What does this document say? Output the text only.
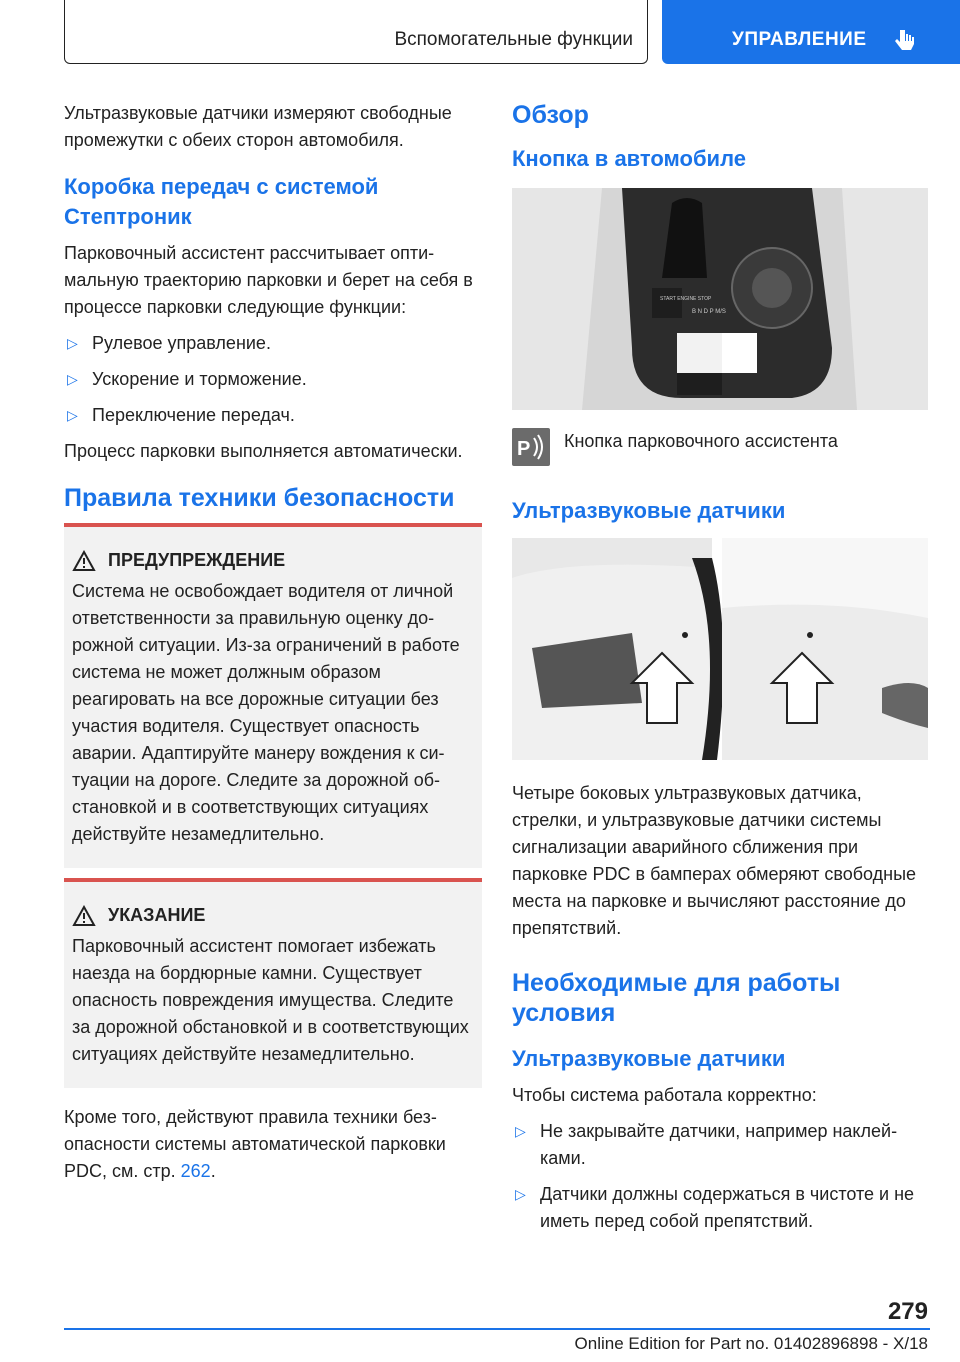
Вспомогательные функции	УПРАВЛЕНИЕ

Ультразвуковые датчики измеряют свободные промежутки с обеих сторон автомобиля.

Коробка передач с системой Стептроник

Парковочный ассистент рассчитывает оптимальную траекторию парковки и берет на себя в процессе парковки следующие функции:

▷ Рулевое управление.
▷ Ускорение и торможение.
▷ Переключение передач.

Процесс парковки выполняется автоматически.

Правила техники безопасности
ПРЕДУПРЕЖДЕНИЕ
Система не освобождает водителя от личной ответственности за правильную оценку дорожной ситуации. Из-за ограничений в работе система не может должным образом реагировать на все дорожные ситуации без участия водителя. Существует опасность аварии. Адаптируйте манеру вождения к ситуации на дороге. Следите за дорожной обстановкой и в соответствующих ситуациях действуйте незамедлительно.
УКАЗАНИЕ
Парковочный ассистент помогает избежать наезда на бордюрные камни. Существует опасность повреждения имущества. Следите за дорожной обстановкой и в соответствующих ситуациях действуйте незамедлительно.

Кроме того, действуют правила техники безопасности системы автоматической парковки PDC, см. стр. 262.

Обзор
Кнопка в автомобиле
START ENGINE STOP
B N D P M/S
P Кнопка парковочного ассистента
Ультразвуковые датчики

Четыре боковых ультразвуковых датчика, стрелки, и ультразвуковые датчики системы сигнализации аварийного сближения при парковке PDC в бамперах обмеряют свободные места на парковке и вычисляют расстояние до препятствий.

Необходимые для работы условия
Ультразвуковые датчики

Чтобы система работала корректно:

▷ Не закрывайте датчики, например наклейками.
▷ Датчики должны содержаться в чистоте и не иметь перед собой препятствий.
279
Online Edition for Part no. 01402896898 - X/18
